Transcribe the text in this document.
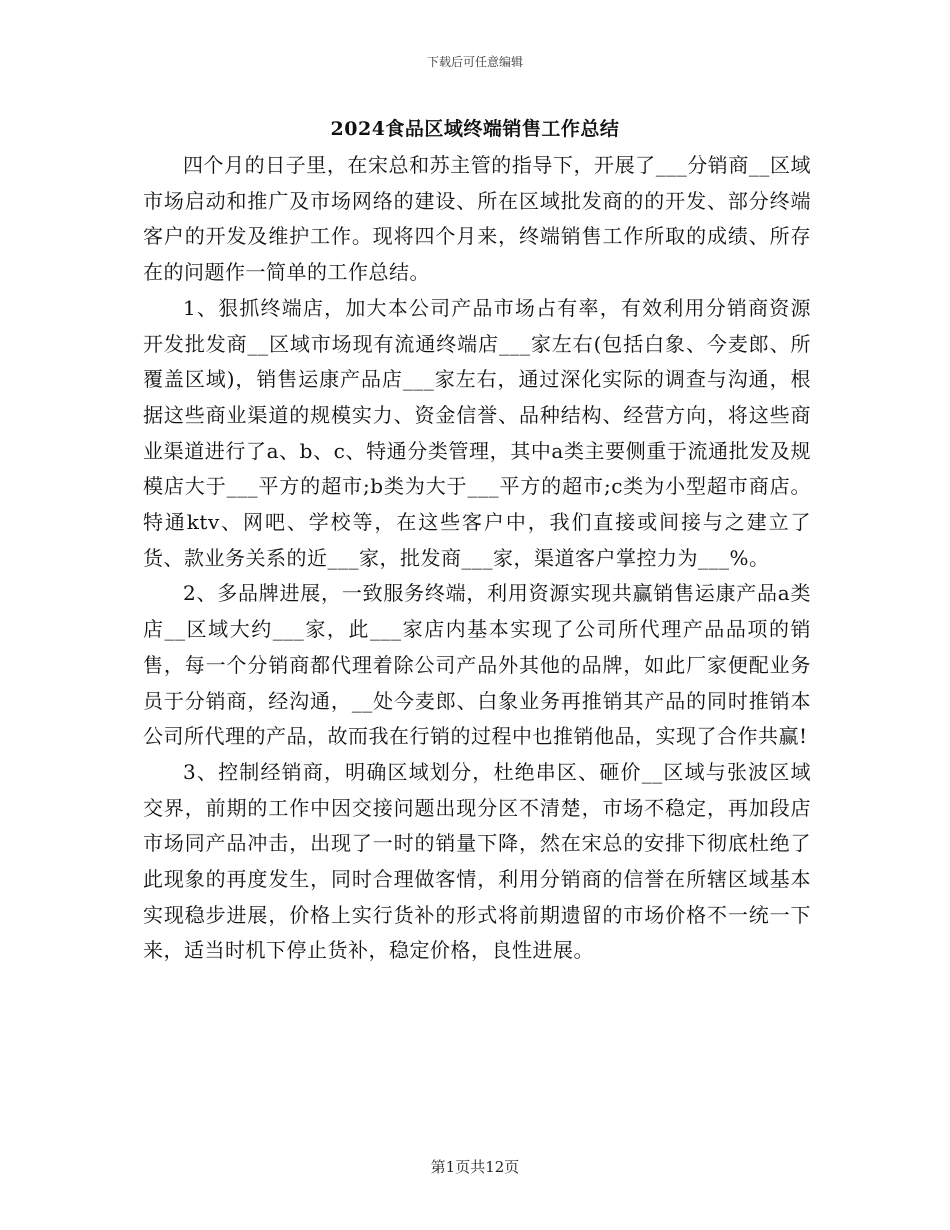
下载后可任意编辑
2024食品区域终端销售工作总结

四个月的日子里，在宋总和苏主管的指导下，开展了___分销商__区域市场启动和推广及市场网络的建设、所在区域批发商的的开发、部分终端客户的开发及维护工作。现将四个月来，终端销售工作所取的成绩、所存在的问题作一简单的工作总结。

1、狠抓终端店，加大本公司产品市场占有率，有效利用分销商资源开发批发商__区域市场现有流通终端店___家左右(包括白象、今麦郎、所覆盖区域)，销售运康产品店___家左右，通过深化实际的调查与沟通，根据这些商业渠道的规模实力、资金信誉、品种结构、经营方向，将这些商业渠道进行了a、b、c、特通分类管理，其中a类主要侧重于流通批发及规模店大于___平方的超市;b类为大于___平方的超市;c类为小型超市商店。特通ktv、网吧、学校等，在这些客户中，我们直接或间接与之建立了货、款业务关系的近___家，批发商___家，渠道客户掌控力为___%。

2、多品牌进展，一致服务终端，利用资源实现共赢销售运康产品a类店__区域大约___家，此___家店内基本实现了公司所代理产品品项的销售，每一个分销商都代理着除公司产品外其他的品牌，如此厂家便配业务员于分销商，经沟通，__处今麦郎、白象业务再推销其产品的同时推销本公司所代理的产品，故而我在行销的过程中也推销他品，实现了合作共赢!

3、控制经销商，明确区域划分，杜绝串区、砸价__区域与张波区域交界，前期的工作中因交接问题出现分区不清楚，市场不稳定，再加段店市场同产品冲击，出现了一时的销量下降，然在宋总的安排下彻底杜绝了此现象的再度发生，同时合理做客情，利用分销商的信誉在所辖区域基本实现稳步进展，价格上实行货补的形式将前期遗留的市场价格不一统一下来，适当时机下停止货补，稳定价格，良性进展。

第1页共12页
